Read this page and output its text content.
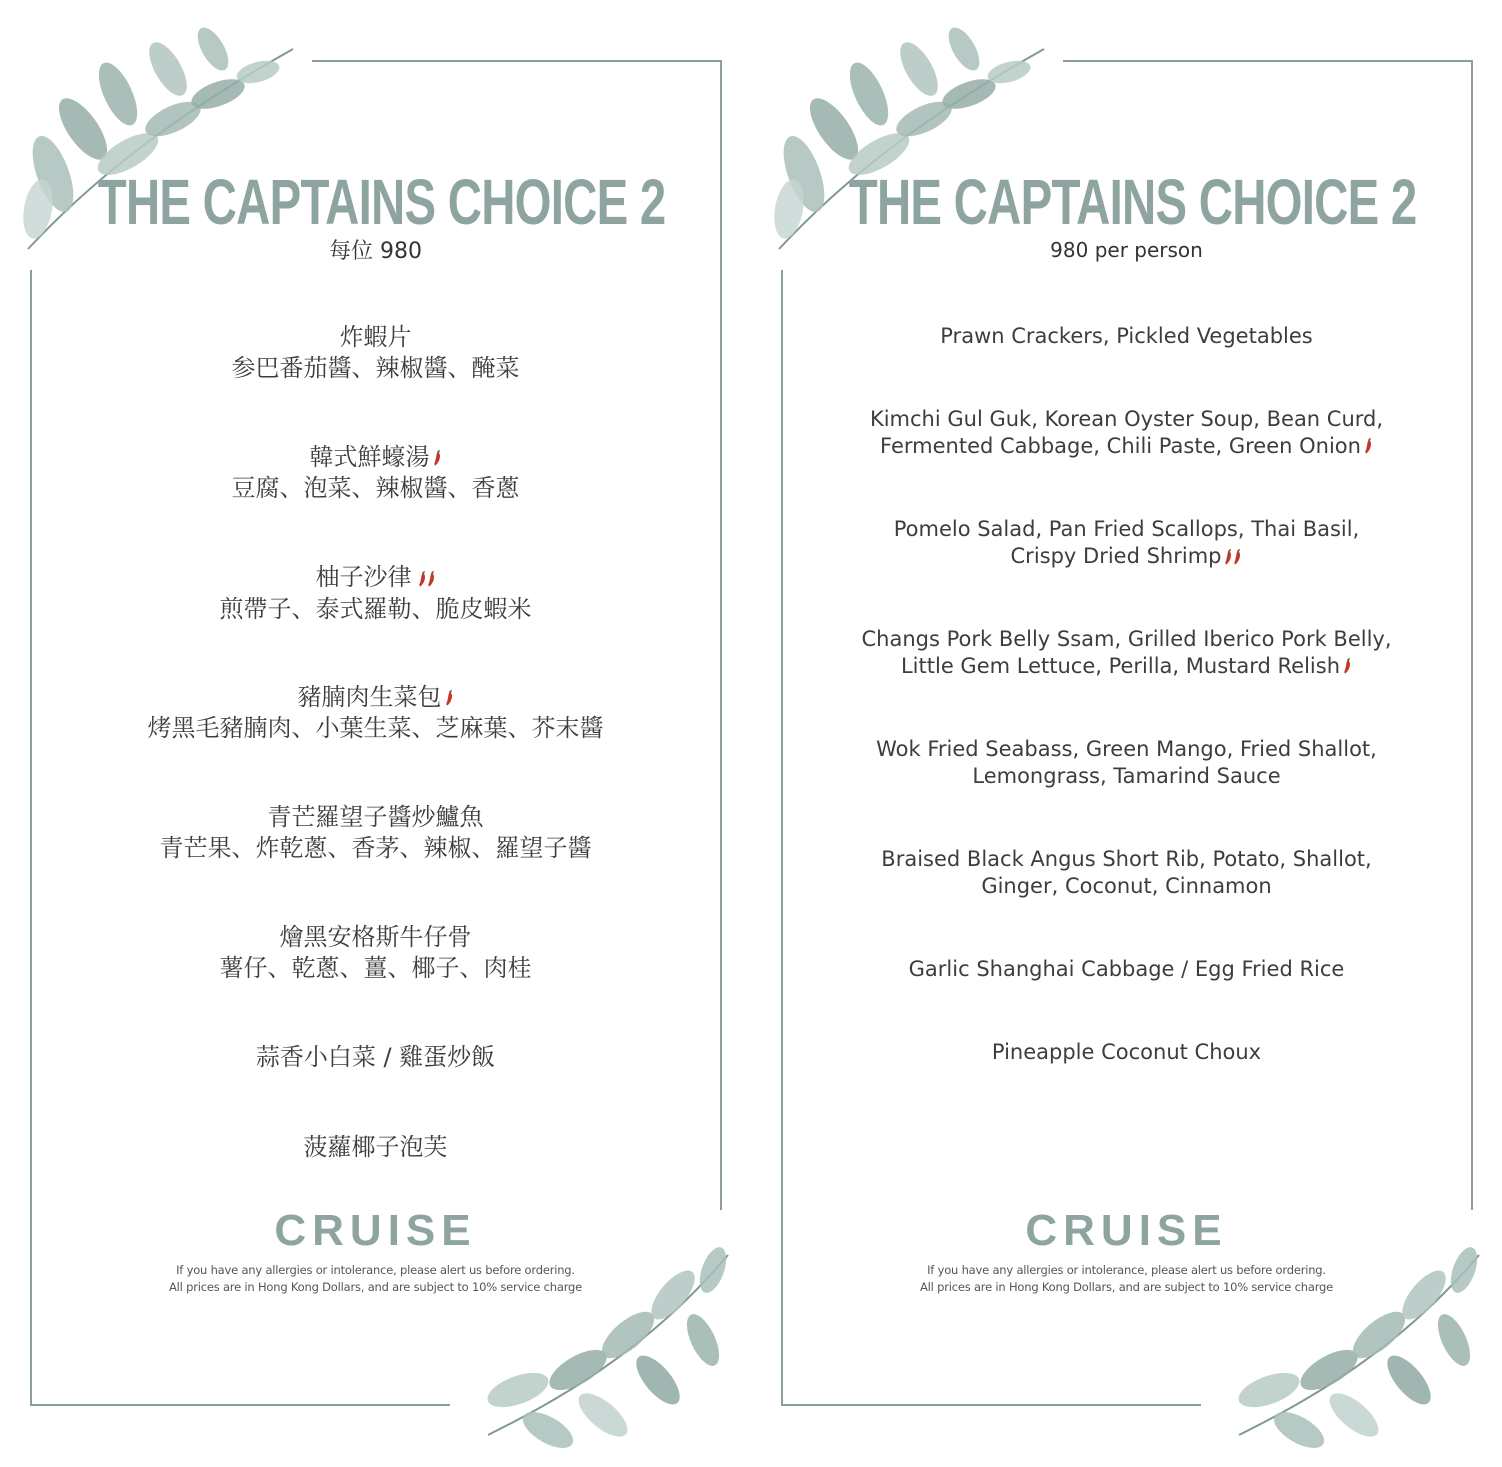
THE CAPTAINS CHOICE 2
每位 980
炸蝦片
参巴番茄醬、辣椒醬、醃菜
韓式鮮蠔湯
豆腐、泡菜、辣椒醬、香蔥
柚子沙律
煎帶子、泰式羅勒、脆皮蝦米
豬腩肉生菜包
烤黑毛豬腩肉、小葉生菜、芝麻葉、芥末醬
青芒羅望子醬炒鱸魚
青芒果、炸乾蔥、香茅、辣椒、羅望子醬
燴黑安格斯牛仔骨
薯仔、乾蔥、薑、椰子、肉桂
蒜香小白菜 / 雞蛋炒飯
菠蘿椰子泡芙
CRUISE
If you have any allergies or intolerance, please alert us before ordering.
All prices are in Hong Kong Dollars, and are subject to 10% service charge
THE CAPTAINS CHOICE 2
980 per person
Prawn Crackers, Pickled Vegetables
Kimchi Gul Guk, Korean Oyster Soup, Bean Curd,
Fermented Cabbage, Chili Paste, Green Onion
Pomelo Salad, Pan Fried Scallops, Thai Basil,
Crispy Dried Shrimp
Changs Pork Belly Ssam, Grilled Iberico Pork Belly,
Little Gem Lettuce, Perilla, Mustard Relish
Wok Fried Seabass, Green Mango, Fried Shallot,
Lemongrass, Tamarind Sauce
Braised Black Angus Short Rib, Potato, Shallot,
Ginger, Coconut, Cinnamon
Garlic Shanghai Cabbage / Egg Fried Rice
Pineapple Coconut Choux
CRUISE
If you have any allergies or intolerance, please alert us before ordering.
All prices are in Hong Kong Dollars, and are subject to 10% service charge
